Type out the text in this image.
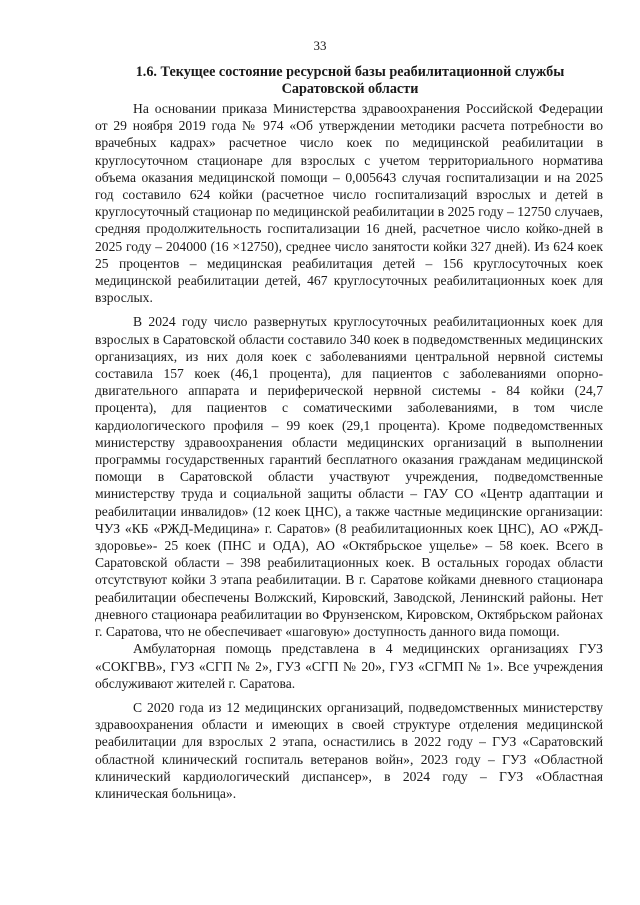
33
1.6. Текущее состояние ресурсной базы реабилитационной службы Саратовской области

На основании приказа Министерства здравоохранения Российской Федерации от 29 ноября 2019 года № 974 «Об утверждении методики расчета потребности во врачебных кадрах» расчетное число коек по медицинской реабилитации в круглосуточном стационаре для взрослых с учетом территориального норматива объема оказания медицинской помощи – 0,005643 случая госпитализации и на 2025 год составило 624 койки (расчетное число госпитализаций взрослых и детей в круглосуточный стационар по медицинской реабилитации в 2025 году – 12750 случаев, средняя продолжительность госпитализации 16 дней, расчетное число койко-дней в 2025 году – 204000 (16 ×12750), среднее число занятости койки 327 дней). Из 624 коек 25 процентов – медицинская реабилитация детей – 156 круглосуточных коек медицинской реабилитации детей, 467 круглосуточных реабилитационных коек для взрослых.

В 2024 году число развернутых круглосуточных реабилитационных коек для взрослых в Саратовской области составило 340 коек в подведомственных медицинских организациях, из них доля коек с заболеваниями центральной нервной системы составила 157 коек (46,1 процента), для пациентов с заболеваниями опорно-двигательного аппарата и периферической нервной системы - 84 койки (24,7 процента), для пациентов с соматическими заболеваниями, в том числе кардиологического профиля – 99 коек (29,1 процента). Кроме подведомственных министерству здравоохранения области медицинских организаций в выполнении программы государственных гарантий бесплатного оказания гражданам медицинской помощи в Саратовской области участвуют учреждения, подведомственные министерству труда и социальной защиты области – ГАУ СО «Центр адаптации и реабилитации инвалидов» (12 коек ЦНС), а также частные медицинские организации: ЧУЗ «КБ «РЖД-Медицина» г. Саратов» (8 реабилитационных коек ЦНС), АО «РЖД-здоровье»- 25 коек (ПНС и ОДА), АО «Октябрьское ущелье» – 58 коек. Всего в Саратовской области – 398 реабилитационных коек. В остальных городах области отсутствуют койки 3 этапа реабилитации. В г. Саратове койками дневного стационара реабилитации обеспечены Волжский, Кировский, Заводской, Ленинский районы. Нет дневного стационара реабилитации во Фрунзенском, Кировском, Октябрьском районах г. Саратова, что не обеспечивает «шаговую» доступность данного вида помощи.

Амбулаторная помощь представлена в 4 медицинских организациях ГУЗ «СОКГВВ», ГУЗ «СГП № 2», ГУЗ «СГП № 20», ГУЗ «СГМП № 1». Все учреждения обслуживают жителей г. Саратова.

С 2020 года из 12 медицинских организаций, подведомственных министерству здравоохранения области и имеющих в своей структуре отделения медицинской реабилитации для взрослых 2 этапа, оснастились в 2022 году – ГУЗ «Саратовский областной клинический госпиталь ветеранов войн», 2023 году – ГУЗ «Областной клинический кардиологический диспансер», в 2024 году – ГУЗ «Областная клиническая больница».
